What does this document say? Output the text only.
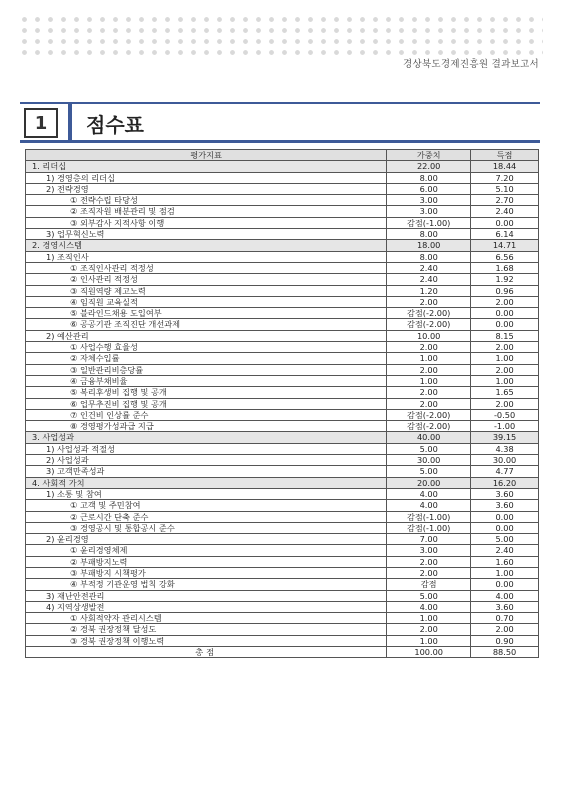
경상북도경제진흥원 결과보고서
1	점수표
평가지표	가중치	득점
1. 리더십	22.00	18.44
1) 경영층의 리더십	8.00	7.20
2) 전략경영	6.00	5.10
① 전략수립 타당성	3.00	2.70
② 조직자원 배분관리 및 점검	3.00	2.40
③ 외부감사 지적사항 이행	감점(-1.00)	0.00
3) 업무혁신노력	8.00	6.14
2. 경영시스템	18.00	14.71
1) 조직인사	8.00	6.56
① 조직인사관리 적정성	2.40	1.68
② 인사관리 적정성	2.40	1.92
③ 직원역량 제고노력	1.20	0.96
④ 임직원 교육실적	2.00	2.00
⑤ 블라인드채용 도입여부	감점(-2.00)	0.00
⑥ 공공기관 조직진단 개선과제	감점(-2.00)	0.00
2) 예산관리	10.00	8.15
① 사업수행 효율성	2.00	2.00
② 자체수입률	1.00	1.00
③ 일반관리비층당률	2.00	2.00
④ 금융부채비율	1.00	1.00
⑤ 복리후생비 집행 및 공개	2.00	1.65
⑥ 업무추진비 집행 및 공개	2.00	2.00
⑦ 인건비 인상률 준수	감점(-2.00)	-0.50
⑧ 경영평가성과급 지급	감점(-2.00)	-1.00
3. 사업성과	40.00	39.15
1) 사업성과 적절성	5.00	4.38
2) 사업성과	30.00	30.00
3) 고객만족성과	5.00	4.77
4. 사회적 가치	20.00	16.20
1) 소통 및 참여	4.00	3.60
① 고객 및 주민참여	4.00	3.60
② 근로시간 단축 준수	감점(-1.00)	0.00
③ 경영공시 및 통합공시 준수	감점(-1.00)	0.00
2) 윤리경영	7.00	5.00
① 윤리경영체제	3.00	2.40
② 부패방지노력	2.00	1.60
③ 부패방지 시책평가	2.00	1.00
④ 부적정 기관운영 법칙 강화	감점	0.00
3) 재난안전관리	5.00	4.00
4) 지역상생발전	4.00	3.60
① 사회적약자 관리시스템	1.00	0.70
② 경북 권장정책 달성도	2.00	2.00
③ 경북 권장정책 이행노력	1.00	0.90
총점	100.00	88.50
